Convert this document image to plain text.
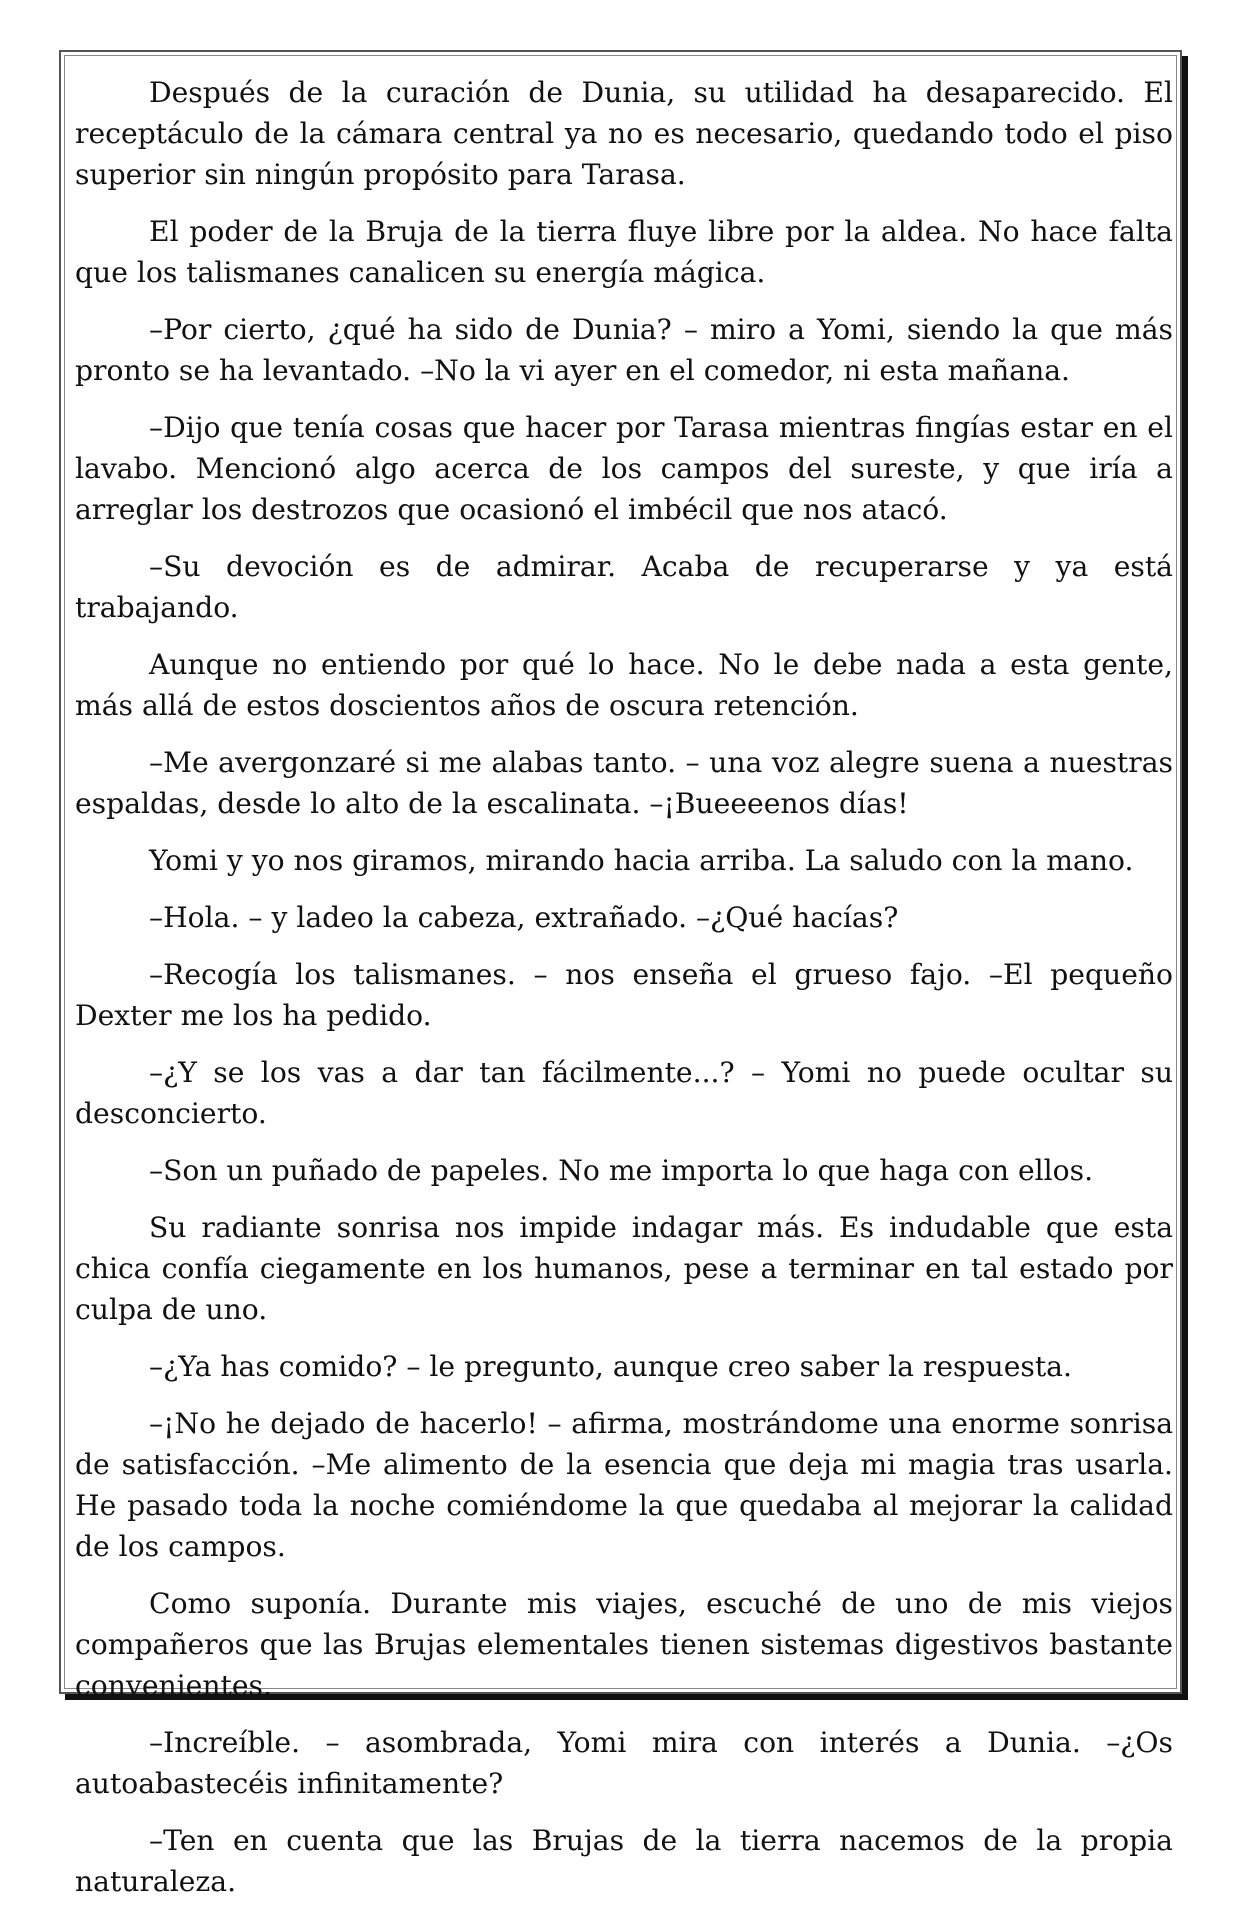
Después de la curación de Dunia, su utilidad ha desaparecido. El receptáculo de la cámara central ya no es necesario, quedando todo el piso superior sin ningún propósito para Tarasa.

El poder de la Bruja de la tierra fluye libre por la aldea. No hace falta que los talismanes canalicen su energía mágica.

–Por cierto, ¿qué ha sido de Dunia? – miro a Yomi, siendo la que más pronto se ha levantado. –No la vi ayer en el comedor, ni esta mañana.

–Dijo que tenía cosas que hacer por Tarasa mientras fingías estar en el lavabo. Mencionó algo acerca de los campos del sureste, y que iría a arreglar los destrozos que ocasionó el imbécil que nos atacó.

–Su devoción es de admirar. Acaba de recuperarse y ya está trabajando.

Aunque no entiendo por qué lo hace. No le debe nada a esta gente, más allá de estos doscientos años de oscura retención.

–Me avergonzaré si me alabas tanto. – una voz alegre suena a nuestras espaldas, desde lo alto de la escalinata. –¡Bueeeenos días!

Yomi y yo nos giramos, mirando hacia arriba. La saludo con la mano.

–Hola. – y ladeo la cabeza, extrañado. –¿Qué hacías?

–Recogía los talismanes. – nos enseña el grueso fajo. –El pequeño Dexter me los ha pedido.

–¿Y se los vas a dar tan fácilmente...? – Yomi no puede ocultar su desconcierto.

–Son un puñado de papeles. No me importa lo que haga con ellos.

Su radiante sonrisa nos impide indagar más. Es indudable que esta chica confía ciegamente en los humanos, pese a terminar en tal estado por culpa de uno.

–¿Ya has comido? – le pregunto, aunque creo saber la respuesta.

–¡No he dejado de hacerlo! – afirma, mostrándome una enorme sonrisa de satisfacción. –Me alimento de la esencia que deja mi magia tras usarla. He pasado toda la noche comiéndome la que quedaba al mejorar la calidad de los campos.

Como suponía. Durante mis viajes, escuché de uno de mis viejos compañeros que las Brujas elementales tienen sistemas digestivos bastante convenientes.

–Increíble. – asombrada, Yomi mira con interés a Dunia. –¿Os autoabastecéis infinitamente?

–Ten en cuenta que las Brujas de la tierra nacemos de la propia naturaleza.
